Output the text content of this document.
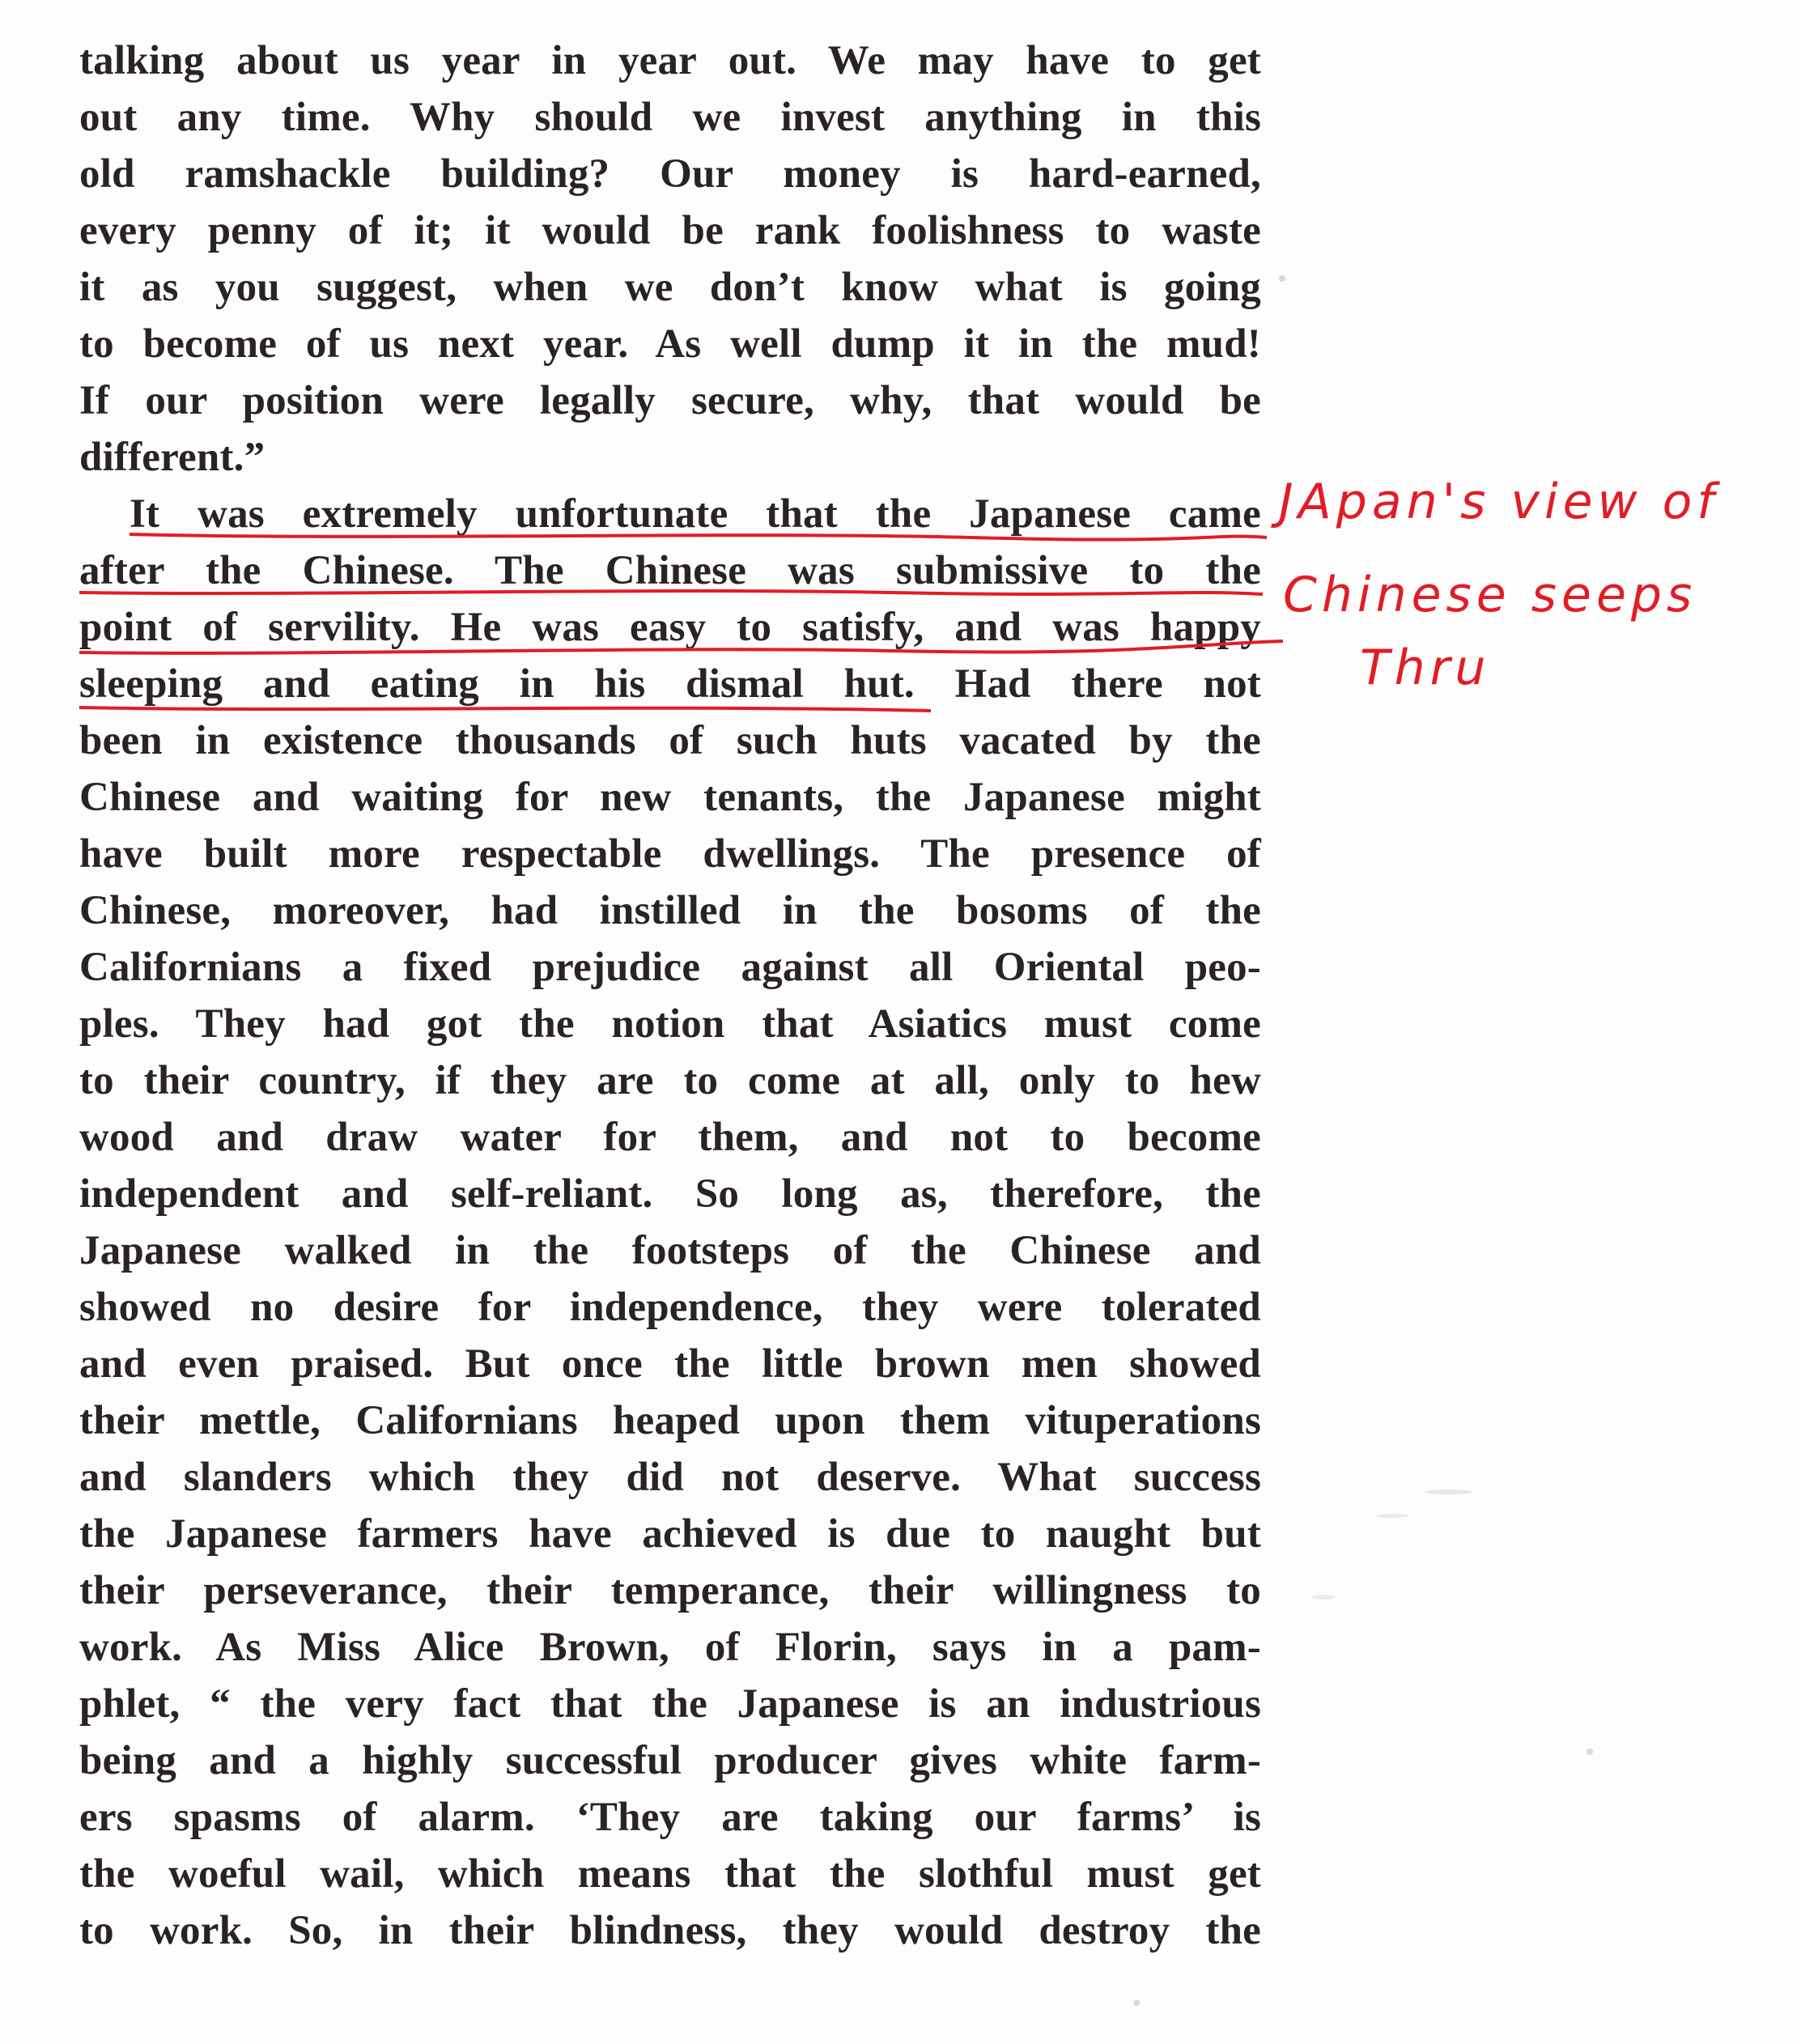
talking about us year in year out. We may have to get
out any time. Why should we invest anything in this
old ramshackle building? Our money is hard-earned,
every penny of it; it would be rank foolishness to waste
it as you suggest, when we don’t know what is going
to become of us next year. As well dump it in the mud!
If our position were legally secure, why, that would be
different.”
It was extremely unfortunate that the Japanese came
after the Chinese. The Chinese was submissive to the
point of servility. He was easy to satisfy, and was happy
sleeping and eating in his dismal hut. Had there not
been in existence thousands of such huts vacated by the
Chinese and waiting for new tenants, the Japanese might
have built more respectable dwellings. The presence of
Chinese, moreover, had instilled in the bosoms of the
Californians a fixed prejudice against all Oriental peo-
ples. They had got the notion that Asiatics must come
to their country, if they are to come at all, only to hew
wood and draw water for them, and not to become
independent and self-reliant. So long as, therefore, the
Japanese walked in the footsteps of the Chinese and
showed no desire for independence, they were tolerated
and even praised. But once the little brown men showed
their mettle, Californians heaped upon them vituperations
and slanders which they did not deserve. What success
the Japanese farmers have achieved is due to naught but
their perseverance, their temperance, their willingness to
work. As Miss Alice Brown, of Florin, says in a pam-
phlet, “ the very fact that the Japanese is an industrious
being and a highly successful producer gives white farm-
ers spasms of alarm. ‘They are taking our farms’ is
the woeful wail, which means that the slothful must get
to work. So, in their blindness, they would destroy the
JApan's view of
Chinese seeps
Thru
